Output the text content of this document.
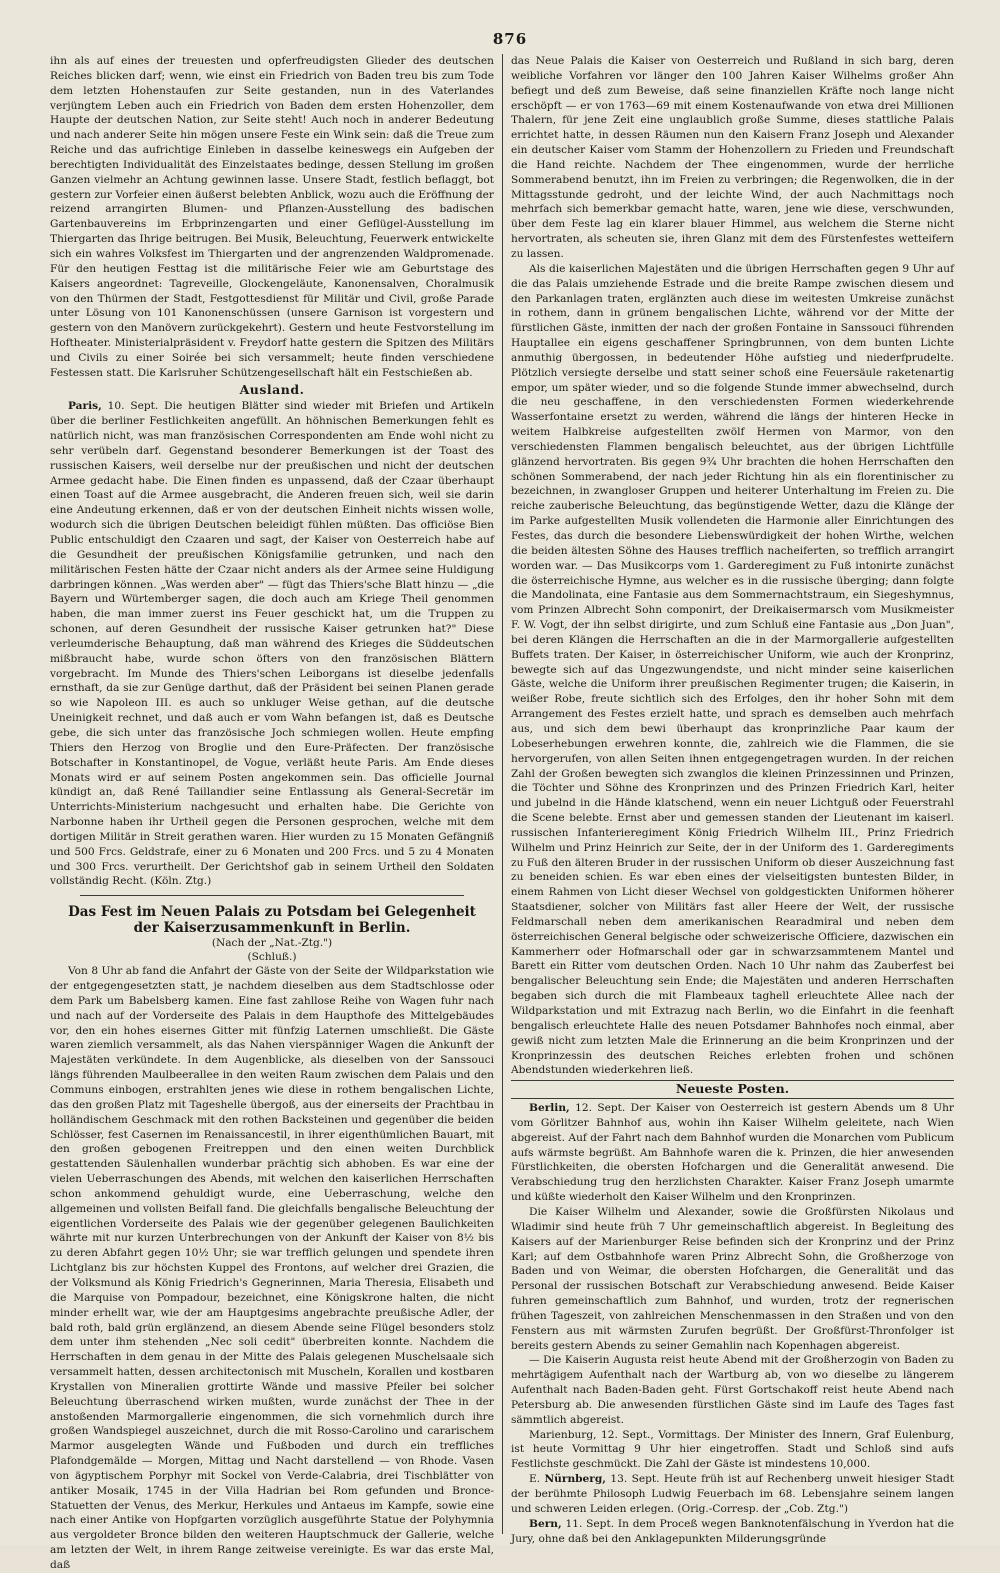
876

ihn als auf eines der treuesten und opferfreudigsten Glieder des deutschen Reiches blicken darf; wenn, wie einst ein Friedrich von Baden treu bis zum Tode dem letzten Hohenstaufen zur Seite gestanden, nun in des Vaterlandes verjüngtem Leben auch ein Friedrich von Baden dem ersten Hohenzoller, dem Haupte der deutschen Nation, zur Seite steht! Auch noch in anderer Bedeutung und nach anderer Seite hin mögen unsere Feste ein Wink sein: daß die Treue zum Reiche und das aufrichtige Einleben in dasselbe keineswegs ein Aufgeben der berechtigten Individualität des Einzelstaates bedinge, dessen Stellung im großen Ganzen vielmehr an Achtung gewinnen lasse. Unsere Stadt, festlich beflaggt, bot gestern zur Vorfeier einen äußerst belebten Anblick, wozu auch die Eröffnung der reizend arrangirten Blumen- und Pflanzen-Ausstellung des badischen Gartenbauvereins im Erbprinzengarten und einer Geflügel-Ausstellung im Thiergarten das Ihrige beitrugen. Bei Musik, Beleuchtung, Feuerwerk entwickelte sich ein wahres Volksfest im Thiergarten und der angrenzenden Waldpromenade. Für den heutigen Festtag ist die militärische Feier wie am Geburtstage des Kaisers angeordnet: Tagreveille, Glockengeläute, Kanonensalven, Choralmusik von den Thürmen der Stadt, Festgottesdienst für Militär und Civil, große Parade unter Lösung von 101 Kanonenschüssen (unsere Garnison ist vorgestern und gestern von den Manövern zurückgekehrt). Gestern und heute Festvorstellung im Hoftheater. Ministerialpräsident v. Freydorf hatte gestern die Spitzen des Militärs und Civils zu einer Soirée bei sich versammelt; heute finden verschiedene Festessen statt. Die Karlsruher Schützengesellschaft hält ein Festschießen ab.

Ausland.

Paris, 10. Sept. Die heutigen Blätter sind wieder mit Briefen und Artikeln über die berliner Festlichkeiten angefüllt. An höhnischen Bemerkungen fehlt es natürlich nicht, was man französischen Correspondenten am Ende wohl nicht zu sehr verübeln darf. Gegenstand besonderer Bemerkungen ist der Toast des russischen Kaisers, weil derselbe nur der preußischen und nicht der deutschen Armee gedacht habe. Die Einen finden es unpassend, daß der Czaar überhaupt einen Toast auf die Armee ausgebracht, die Anderen freuen sich, weil sie darin eine Andeutung erkennen, daß er von der deutschen Einheit nichts wissen wolle, wodurch sich die übrigen Deutschen beleidigt fühlen müßten. Das officiöse Bien Public entschuldigt den Czaaren und sagt, der Kaiser von Oesterreich habe auf die Gesundheit der preußischen Königsfamilie getrunken, und nach den militärischen Festen hätte der Czaar nicht anders als der Armee seine Huldigung darbringen können. „Was werden aber" — fügt das Thiers'sche Blatt hinzu — „die Bayern und Würtemberger sagen, die doch auch am Kriege Theil genommen haben, die man immer zuerst ins Feuer geschickt hat, um die Truppen zu schonen, auf deren Gesundheit der russische Kaiser getrunken hat?" Diese verleumderische Behauptung, daß man während des Krieges die Süddeutschen mißbraucht habe, wurde schon öfters von den französischen Blättern vorgebracht. Im Munde des Thiers'schen Leiborgans ist dieselbe jedenfalls ernsthaft, da sie zur Genüge darthut, daß der Präsident bei seinen Planen gerade so wie Napoleon III. es auch so unkluger Weise gethan, auf die deutsche Uneinigkeit rechnet, und daß auch er vom Wahn befangen ist, daß es Deutsche gebe, die sich unter das französische Joch schmiegen wollen. Heute empfing Thiers den Herzog von Broglie und den Eure-Präfecten. Der französische Botschafter in Konstantinopel, de Vogue, verläßt heute Paris. Am Ende dieses Monats wird er auf seinem Posten angekommen sein. Das officielle Journal kündigt an, daß René Taillandier seine Entlassung als General-Secretär im Unterrichts-Ministerium nachgesucht und erhalten habe. Die Gerichte von Narbonne haben ihr Urtheil gegen die Personen gesprochen, welche mit dem dortigen Militär in Streit gerathen waren. Hier wurden zu 15 Monaten Gefängniß und 500 Frcs. Geldstrafe, einer zu 6 Monaten und 200 Frcs. und 5 zu 4 Monaten und 300 Frcs. verurtheilt. Der Gerichtshof gab in seinem Urtheil den Soldaten vollständig Recht. (Köln. Ztg.)

Das Fest im Neuen Palais zu Potsdam bei Gelegenheit
der Kaiserzusammenkunft in Berlin.
(Nach der „Nat.-Ztg.")
(Schluß.)

Von 8 Uhr ab fand die Anfahrt der Gäste von der Seite der Wildparkstation wie der entgegengesetzten statt, je nachdem dieselben aus dem Stadtschlosse oder dem Park um Babelsberg kamen. Eine fast zahllose Reihe von Wagen fuhr nach und nach auf der Vorderseite des Palais in dem Haupthofe des Mittelgebäudes vor, den ein hohes eisernes Gitter mit fünfzig Laternen umschließt. Die Gäste waren ziemlich versammelt, als das Nahen vierspänniger Wagen die Ankunft der Majestäten verkündete. In dem Augenblicke, als dieselben von der Sanssouci längs führenden Maulbeerallee in den weiten Raum zwischen dem Palais und den Communs einbogen, erstrahlten jenes wie diese in rothem bengalischen Lichte, das den großen Platz mit Tageshelle übergoß, aus der einerseits der Prachtbau in holländischem Geschmack mit den rothen Backsteinen und gegenüber die beiden Schlösser, fest Casernen im Renaissancestil, in ihrer eigenthümlichen Bauart, mit den großen gebogenen Freitreppen und den einen weiten Durchblick gestattenden Säulenhallen wunderbar prächtig sich abhoben. Es war eine der vielen Ueberraschungen des Abends, mit welchen den kaiserlichen Herrschaften schon ankommend gehuldigt wurde, eine Ueberraschung, welche den allgemeinen und vollsten Beifall fand. Die gleichfalls bengalische Beleuchtung der eigentlichen Vorderseite des Palais wie der gegenüber gelegenen Baulichkeiten währte mit nur kurzen Unterbrechungen von der Ankunft der Kaiser von 8½ bis zu deren Abfahrt gegen 10½ Uhr; sie war trefflich gelungen und spendete ihren Lichtglanz bis zur höchsten Kuppel des Frontons, auf welcher drei Grazien, die der Volksmund als König Friedrich's Gegnerinnen, Maria Theresia, Elisabeth und die Marquise von Pompadour, bezeichnet, eine Königskrone halten, die nicht minder erhellt war, wie der am Hauptgesims angebrachte preußische Adler, der bald roth, bald grün erglänzend, an diesem Abende seine Flügel besonders stolz dem unter ihm stehenden „Nec soli cedit" überbreiten konnte. Nachdem die Herrschaften in dem genau in der Mitte des Palais gelegenen Muschelsaale sich versammelt hatten, dessen architectonisch mit Muscheln, Korallen und kostbaren Krystallen von Mineralien grottirte Wände und massive Pfeiler bei solcher Beleuchtung überraschend wirken mußten, wurde zunächst der Thee in der anstoßenden Marmorgallerie eingenommen, die sich vornehmlich durch ihre großen Wandspiegel auszeichnet, durch die mit Rosso-Carolino und cararischem Marmor ausgelegten Wände und Fußboden und durch ein treffliches Plafondgemälde — Morgen, Mittag und Nacht darstellend — von Rhode. Vasen von ägyptischem Porphyr mit Sockel von Verde-Calabria, drei Tischblätter von antiker Mosaik, 1745 in der Villa Hadrian bei Rom gefunden und Bronce-Statuetten der Venus, des Merkur, Herkules und Antaeus im Kampfe, sowie eine nach einer Antike von Hopfgarten vorzüglich ausgeführte Statue der Polyhymnia aus vergoldeter Bronce bilden den weiteren Hauptschmuck der Gallerie, welche am letzten der Welt, in ihrem Range zeitweise vereinigte. Es war das erste Mal, daß

das Neue Palais die Kaiser von Oesterreich und Rußland in sich barg, deren weibliche Vorfahren vor länger den 100 Jahren Kaiser Wilhelms großer Ahn befiegt und deß zum Beweise, daß seine finanziellen Kräfte noch lange nicht erschöpft — er von 1763—69 mit einem Kostenaufwande von etwa drei Millionen Thalern, für jene Zeit eine unglaublich große Summe, dieses stattliche Palais errichtet hatte, in dessen Räumen nun den Kaisern Franz Joseph und Alexander ein deutscher Kaiser vom Stamm der Hohenzollern zu Frieden und Freundschaft die Hand reichte. Nachdem der Thee eingenommen, wurde der herrliche Sommerabend benutzt, ihn im Freien zu verbringen; die Regenwolken, die in der Mittagsstunde gedroht, und der leichte Wind, der auch Nachmittags noch mehrfach sich bemerkbar gemacht hatte, waren, jene wie diese, verschwunden, über dem Feste lag ein klarer blauer Himmel, aus welchem die Sterne nicht hervortraten, als scheuten sie, ihren Glanz mit dem des Fürstenfestes wetteifern zu lassen.

Als die kaiserlichen Majestäten und die übrigen Herrschaften gegen 9 Uhr auf die das Palais umziehende Estrade und die breite Rampe zwischen diesem und den Parkanlagen traten, erglänzten auch diese im weitesten Umkreise zunächst in rothem, dann in grünem bengalischen Lichte, während vor der Mitte der fürstlichen Gäste, inmitten der nach der großen Fontaine in Sanssouci führenden Hauptallee ein eigens geschaffener Springbrunnen, von dem bunten Lichte anmuthig übergossen, in bedeutender Höhe aufstieg und niederfprudelte. Plötzlich versiegte derselbe und statt seiner schoß eine Feuersäule raketenartig empor, um später wieder, und so die folgende Stunde immer abwechselnd, durch die neu geschaffene, in den verschiedensten Formen wiederkehrende Wasserfontaine ersetzt zu werden, während die längs der hinteren Hecke in weitem Halbkreise aufgestellten zwölf Hermen von Marmor, von den verschiedensten Flammen bengalisch beleuchtet, aus der übrigen Lichtfülle glänzend hervortraten. Bis gegen 9¾ Uhr brachten die hohen Herrschaften den schönen Sommerabend, der nach jeder Richtung hin als ein florentinischer zu bezeichnen, in zwangloser Gruppen und heiterer Unterhaltung im Freien zu. Die reiche zauberische Beleuchtung, das begünstigende Wetter, dazu die Klänge der im Parke aufgestellten Musik vollendeten die Harmonie aller Einrichtungen des Festes, das durch die besondere Liebenswürdigkeit der hohen Wirthe, welchen die beiden ältesten Söhne des Hauses trefflich nacheiferten, so trefflich arrangirt worden war. — Das Musikcorps vom 1. Garderegiment zu Fuß intonirte zunächst die österreichische Hymne, aus welcher es in die russische überging; dann folgte die Mandolinata, eine Fantasie aus dem Sommernachtstraum, ein Siegeshymnus, vom Prinzen Albrecht Sohn componirt, der Dreikaisermarsch vom Musikmeister F. W. Vogt, der ihn selbst dirigirte, und zum Schluß eine Fantasie aus „Don Juan", bei deren Klängen die Herrschaften an die in der Marmorgallerie aufgestellten Buffets traten. Der Kaiser, in österreichischer Uniform, wie auch der Kronprinz, bewegte sich auf das Ungezwungendste, und nicht minder seine kaiserlichen Gäste, welche die Uniform ihrer preußischen Regimenter trugen; die Kaiserin, in weißer Robe, freute sichtlich sich des Erfolges, den ihr hoher Sohn mit dem Arrangement des Festes erzielt hatte, und sprach es demselben auch mehrfach aus, und sich dem bewi überhaupt das kronprinzliche Paar kaum der Lobeserhebungen erwehren konnte, die, zahlreich wie die Flammen, die sie hervorgerufen, von allen Seiten ihnen entgegengetragen wurden. In der reichen Zahl der Großen bewegten sich zwanglos die kleinen Prinzessinnen und Prinzen, die Töchter und Söhne des Kronprinzen und des Prinzen Friedrich Karl, heiter und jubelnd in die Hände klatschend, wenn ein neuer Lichtguß oder Feuerstrahl die Scene belebte. Ernst aber und gemessen standen der Lieutenant im kaiserl. russischen Infanterieregiment König Friedrich Wilhelm III., Prinz Friedrich Wilhelm und Prinz Heinrich zur Seite, der in der Uniform des 1. Garderegiments zu Fuß den älteren Bruder in der russischen Uniform ob dieser Auszeichnung fast zu beneiden schien. Es war eben eines der vielseitigsten buntesten Bilder, in einem Rahmen von Licht dieser Wechsel von goldgestickten Uniformen höherer Staatsdiener, solcher von Militärs fast aller Heere der Welt, der russische Feldmarschall neben dem amerikanischen Rearadmiral und neben dem österreichischen General belgische oder schweizerische Officiere, dazwischen ein Kammerherr oder Hofmarschall oder gar in schwarzsammtenem Mantel und Barett ein Ritter vom deutschen Orden. Nach 10 Uhr nahm das Zauberfest bei bengalischer Beleuchtung sein Ende; die Majestäten und anderen Herrschaften begaben sich durch die mit Flambeaux taghell erleuchtete Allee nach der Wildparkstation und mit Extrazug nach Berlin, wo die Einfahrt in die feenhaft bengalisch erleuchtete Halle des neuen Potsdamer Bahnhofes noch einmal, aber gewiß nicht zum letzten Male die Erinnerung an die beim Kronprinzen und der Kronprinzessin des deutschen Reiches erlebten frohen und schönen Abendstunden wiederkehren ließ.

Neueste Posten.

Berlin, 12. Sept. Der Kaiser von Oesterreich ist gestern Abends um 8 Uhr vom Görlitzer Bahnhof aus, wohin ihn Kaiser Wilhelm geleitete, nach Wien abgereist. Auf der Fahrt nach dem Bahnhof wurden die Monarchen vom Publicum aufs wärmste begrüßt. Am Bahnhofe waren die k. Prinzen, die hier anwesenden Fürstlichkeiten, die obersten Hofchargen und die Generalität anwesend. Die Verabschiedung trug den herzlichsten Charakter. Kaiser Franz Joseph umarmte und küßte wiederholt den Kaiser Wilhelm und den Kronprinzen.

Die Kaiser Wilhelm und Alexander, sowie die Großfürsten Nikolaus und Wladimir sind heute früh 7 Uhr gemeinschaftlich abgereist. In Begleitung des Kaisers auf der Marienburger Reise befinden sich der Kronprinz und der Prinz Karl; auf dem Ostbahnhofe waren Prinz Albrecht Sohn, die Großherzoge von Baden und von Weimar, die obersten Hofchargen, die Generalität und das Personal der russischen Botschaft zur Verabschiedung anwesend. Beide Kaiser fuhren gemeinschaftlich zum Bahnhof, und wurden, trotz der regnerischen frühen Tageszeit, von zahlreichen Menschenmassen in den Straßen und von den Fenstern aus mit wärmsten Zurufen begrüßt. Der Großfürst-Thronfolger ist bereits gestern Abends zu seiner Gemahlin nach Kopenhagen abgereist.

— Die Kaiserin Augusta reist heute Abend mit der Großherzogin von Baden zu mehrtägigem Aufenthalt nach der Wartburg ab, von wo dieselbe zu längerem Aufenthalt nach Baden-Baden geht. Fürst Gortschakoff reist heute Abend nach Petersburg ab. Die anwesenden fürstlichen Gäste sind im Laufe des Tages fast sämmtlich abgereist.

Marienburg, 12. Sept., Vormittags. Der Minister des Innern, Graf Eulenburg, ist heute Vormittag 9 Uhr hier eingetroffen. Stadt und Schloß sind aufs Festlichste geschmückt. Die Zahl der Gäste ist mindestens 10,000.

E. Nürnberg, 13. Sept. Heute früh ist auf Rechenberg unweit hiesiger Stadt der berühmte Philosoph Ludwig Feuerbach im 68. Lebensjahre seinem langen und schweren Leiden erlegen. (Orig.-Corresp. der „Cob. Ztg.")

Bern, 11. Sept. In dem Proceß wegen Banknotenfälschung in Yverdon hat die Jury, ohne daß bei den Anklagepunkten Milderungsgründe
